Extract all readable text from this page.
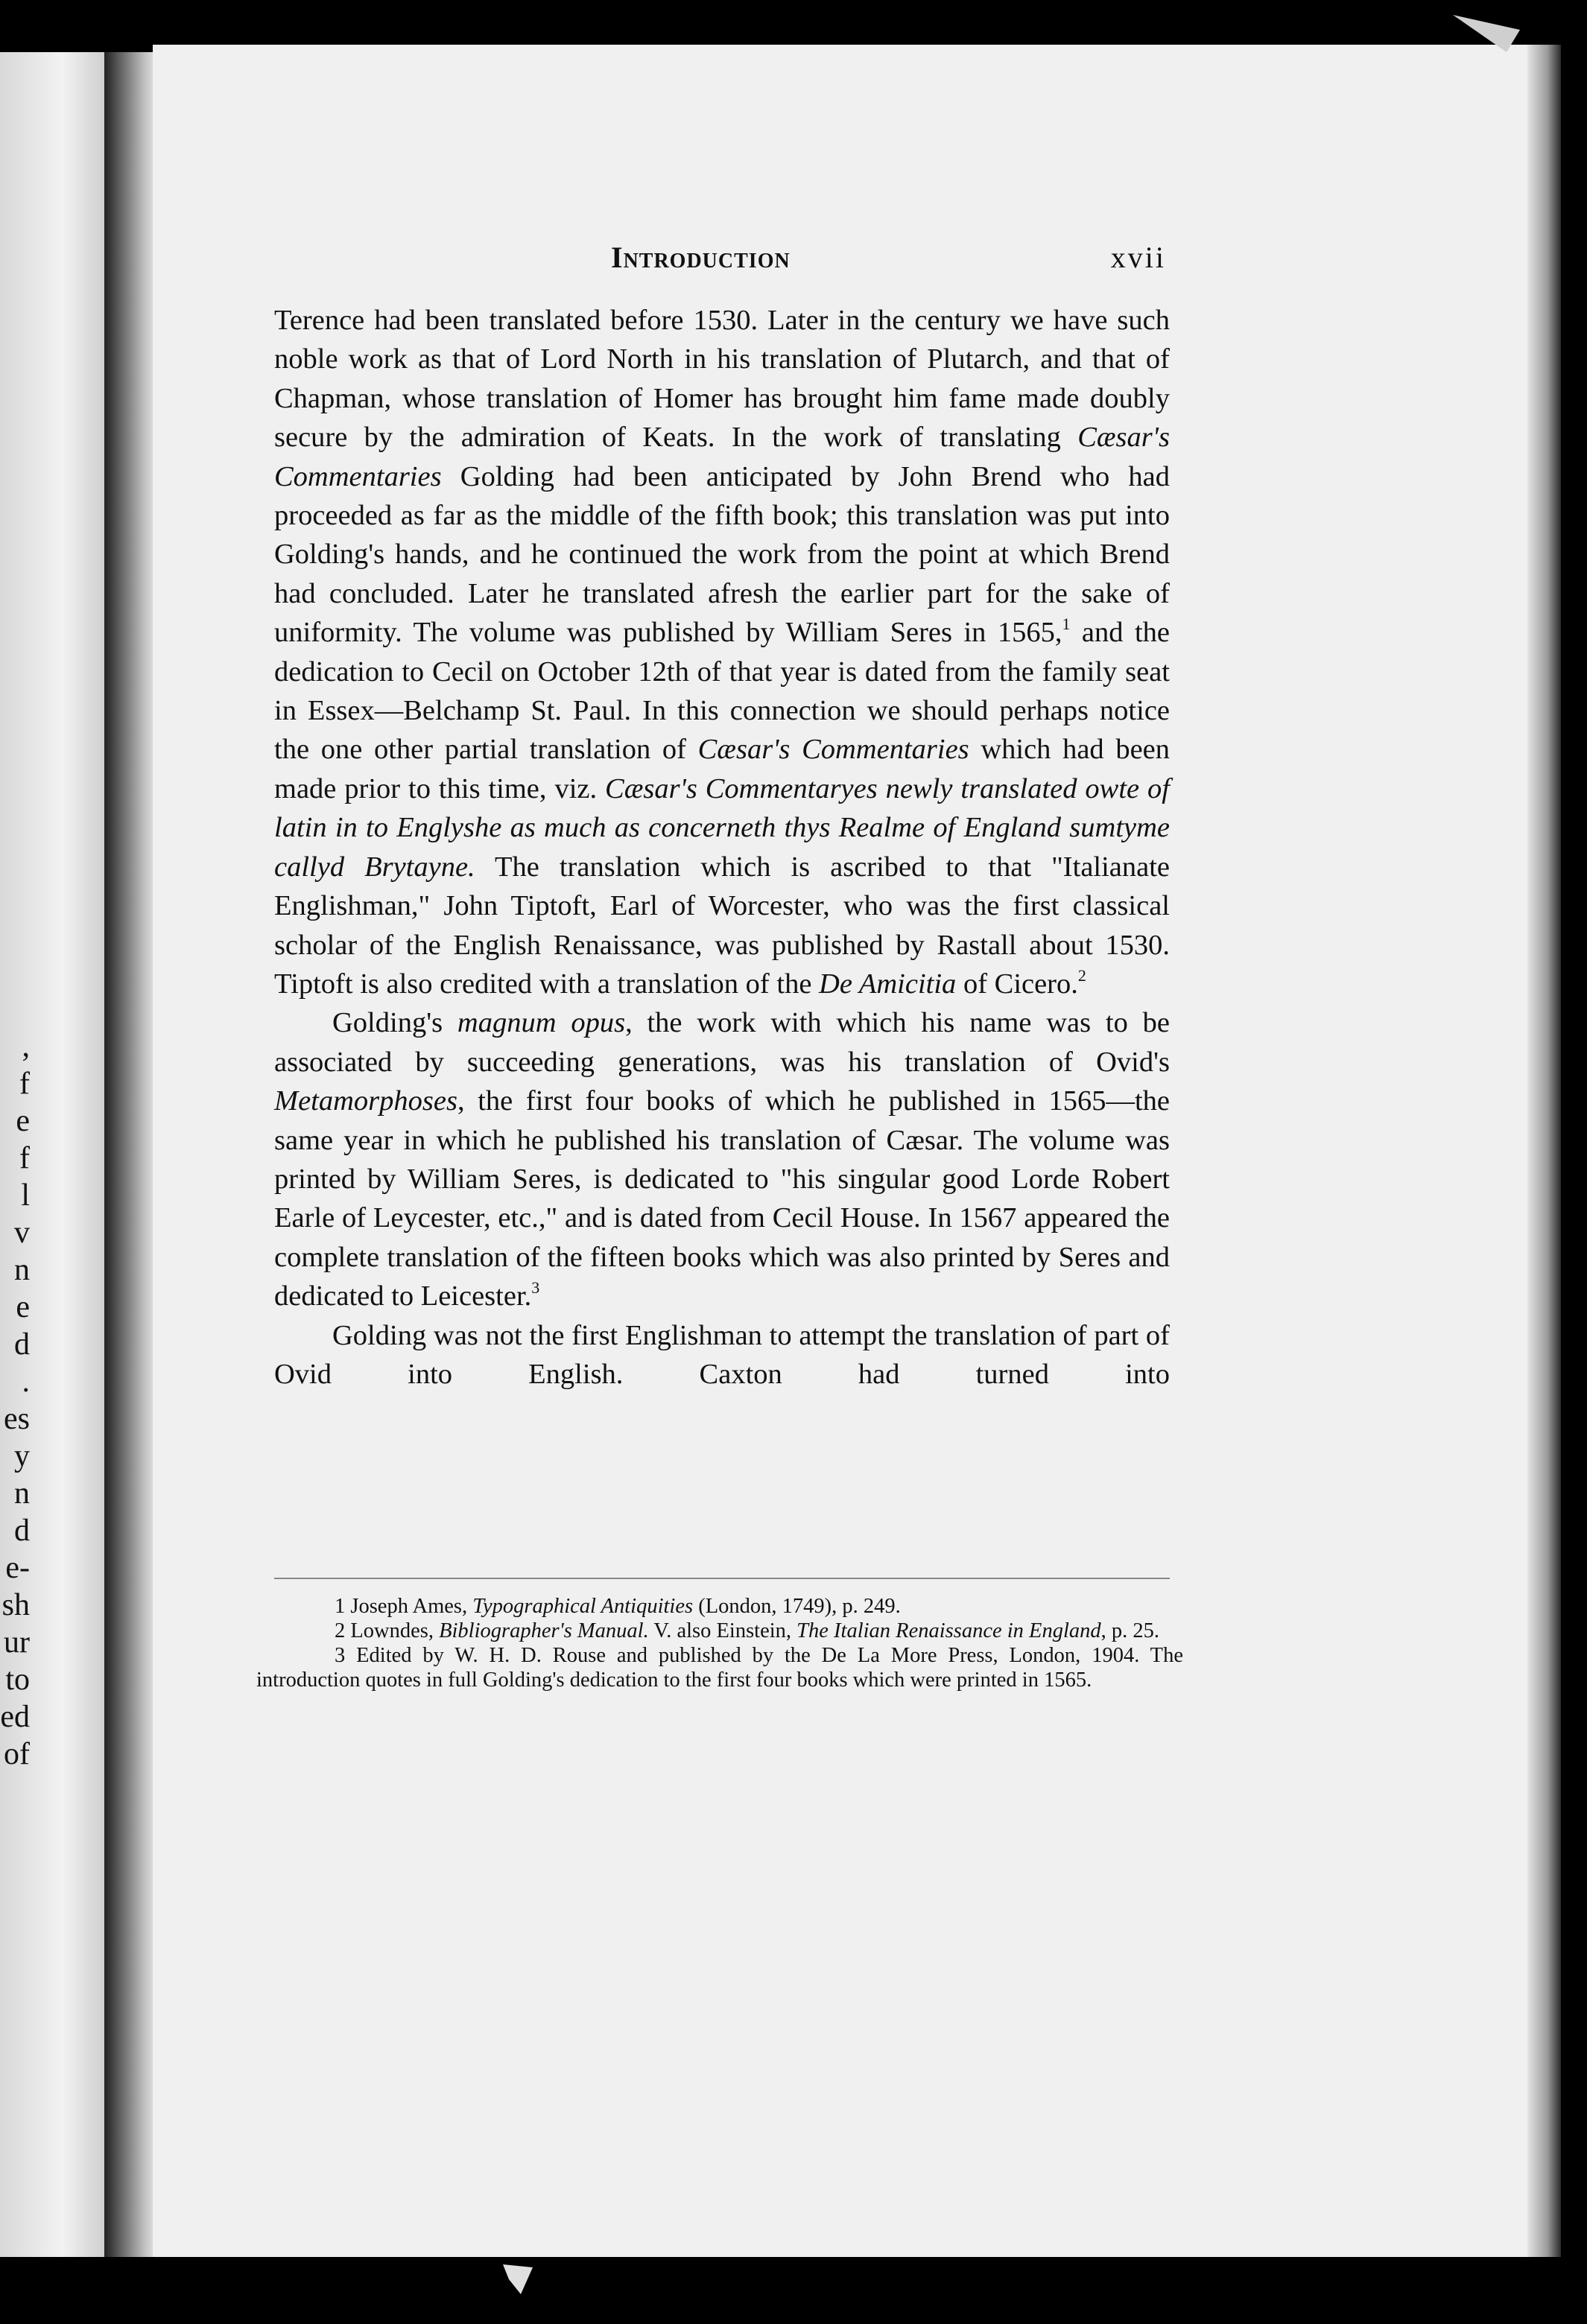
,
f
e
f
l
v
n
e
d
.
es
y
n
d
e-
sh
ur
to
ed
of
Introduction	xvii

Terence had been translated before 1530. Later in the century we have such noble work as that of Lord North in his translation of Plutarch, and that of Chapman, whose translation of Homer has brought him fame made doubly secure by the admiration of Keats. In the work of translating Cæsar's Commentaries Golding had been anticipated by John Brend who had proceeded as far as the middle of the fifth book; this translation was put into Golding's hands, and he continued the work from the point at which Brend had concluded. Later he translated afresh the earlier part for the sake of uniformity. The volume was published by William Seres in 1565,$^1$ and the dedication to Cecil on October 12th of that year is dated from the family seat in Essex—Belchamp St. Paul. In this connection we should perhaps notice the one other partial translation of Cæsar's Commentaries which had been made prior to this time, viz. Cæsar's Commentaryes newly translated owte of latin in to Englyshe as much as concerneth thys Realme of England sumtyme callyd Brytayne. The translation which is ascribed to that "Italianate Englishman," John Tiptoft, Earl of Worcester, who was the first classical scholar of the English Renaissance, was published by Rastall about 1530. Tiptoft is also credited with a translation of the De Amicitia of Cicero.$^2$

Golding's magnum opus, the work with which his name was to be associated by succeeding generations, was his translation of Ovid's Metamorphoses, the first four books of which he published in 1565—the same year in which he published his translation of Cæsar. The volume was printed by William Seres, is dedicated to "his singular good Lorde Robert Earle of Leycester, etc.," and is dated from Cecil House. In 1567 appeared the complete translation of the fifteen books which was also printed by Seres and dedicated to Leicester.$^3$

Golding was not the first Englishman to attempt the translation of part of Ovid into English. Caxton had turned into

1 Joseph Ames, Typographical Antiquities (London, 1749), p. 249.

2 Lowndes, Bibliographer's Manual. V. also Einstein, The Italian Renaissance in England, p. 25.

3 Edited by W. H. D. Rouse and published by the De La More Press, London, 1904. The introduction quotes in full Golding's dedication to the first four books which were printed in 1565.
